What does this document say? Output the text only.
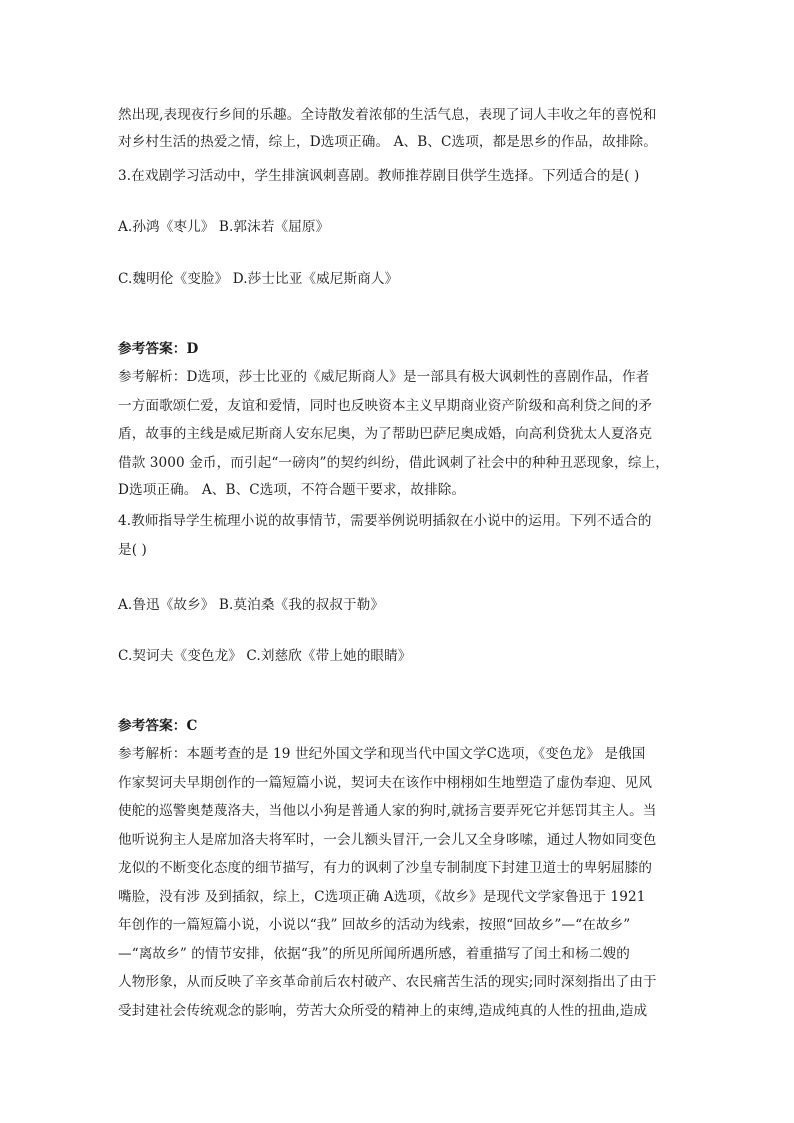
然出现,表现夜行乡间的乐趣。全诗散发着浓郁的生活气息，表现了词人丰收之年的喜悦和
对乡村生活的热爱之情，综上，D选项正确。 A、B、C选项，都是思乡的作品，故排除。
3.在戏剧学习活动中，学生排演讽刺喜剧。教师推荐剧目供学生选择。下列适合的是( )
A.孙鸿《枣儿》 B.郭沫若《屈原》
C.魏明伦《变脸》 D.莎士比亚《威尼斯商人》
参考答案：D
参考解析：D选项，莎士比亚的《威尼斯商人》是一部具有极大讽刺性的喜剧作品，作者
一方面歌颂仁爱，友谊和爱情，同时也反映资本主义早期商业资产阶级和高利贷之间的矛
盾，故事的主线是威尼斯商人安东尼奥，为了帮助巴萨尼奥成婚，向高利贷犹太人夏洛克
借款 3000 金币，而引起“一磅肉”的契约纠纷，借此讽刺了社会中的种种丑恶现象，综上，
D选项正确。 A、B、C选项，不符合题干要求，故排除。
4.教师指导学生梳理小说的故事情节，需要举例说明插叙在小说中的运用。下列不适合的
是( )
A.鲁迅《故乡》 B.莫泊桑《我的叔叔于勒》
C.契诃夫《变色龙》 C.刘慈欣《带上她的眼睛》
参考答案：C
参考解析：本题考查的是 19 世纪外国文学和现当代中国文学C选项，《变色龙》 是俄国
作家契诃夫早期创作的一篇短篇小说，契诃夫在该作中栩栩如生地塑造了虚伪奉迎、见风
使舵的巡警奥楚蔑洛夫，当他以小狗是普通人家的狗时,就扬言要弄死它并惩罚其主人。当
他听说狗主人是席加洛夫将军时，一会儿额头冒汗,一会儿又全身哆嗦，通过人物如同变色
龙似的不断变化态度的细节描写，有力的讽刺了沙皇专制制度下封建卫道士的卑躬屈膝的
嘴脸，没有涉 及到插叙，综上，C选项正确 A选项，《故乡》是现代文学家鲁迅于 1921
年创作的一篇短篇小说，小说以“我” 回故乡的活动为线索，按照“回故乡”—“在故乡”
—“离故乡” 的情节安排，依据“我”的所见所闻所遇所感，着重描写了闰土和杨二嫂的
人物形象，从而反映了辛亥革命前后农村破产、农民痛苦生活的现实;同时深刻指出了由于
受封建社会传统观念的影响，劳苦大众所受的精神上的束缚,造成纯真的人性的扭曲,造成
